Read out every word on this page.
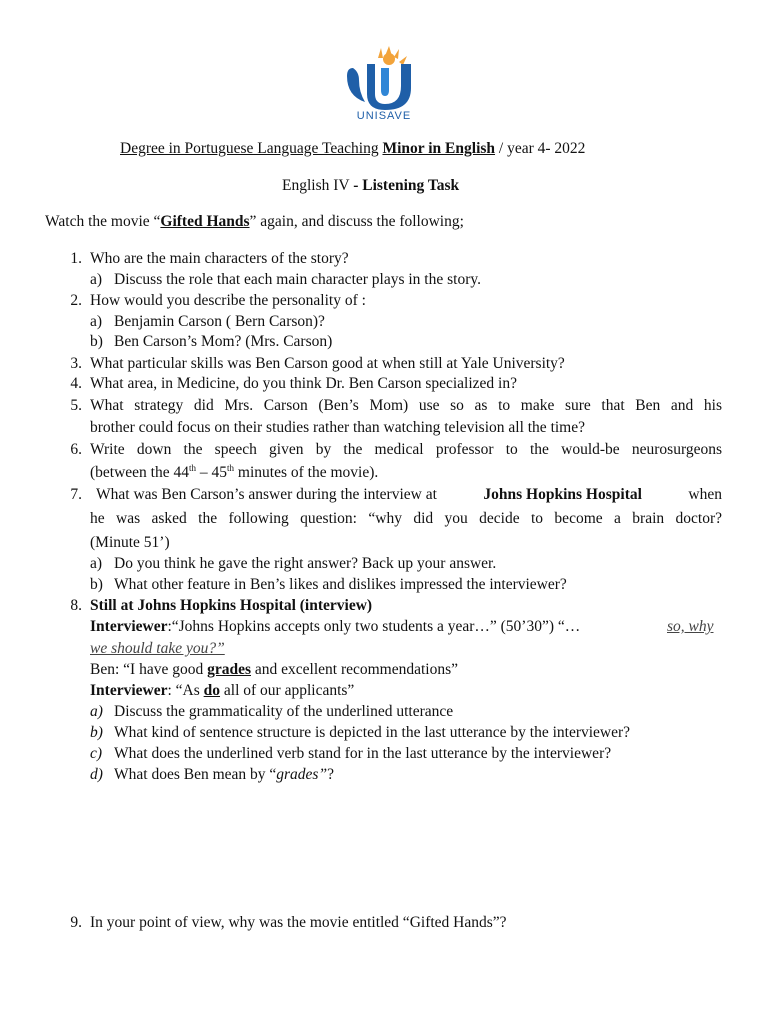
UNISAVE
Degree in Portuguese Language Teaching Minor in English / year 4- 2022
English IV - Listening Task
Watch the movie “Gifted Hands” again, and discuss the following;
1. Who are the main characters of the story?
a) Discuss the role that each main character plays in the story.
2. How would you describe the personality of :
a) Benjamin Carson ( Bern Carson)?
b) Ben Carson’s Mom? (Mrs. Carson)
3. What particular skills was Ben Carson good at when still at Yale University?
4. What area, in Medicine, do you think Dr. Ben Carson specialized in?
5. What strategy did Mrs. Carson (Ben’s Mom) use so as to make sure that Ben and his
brother could focus on their studies rather than watching television all the time?
6. Write down the speech given by the medical professor to the would-be neurosurgeons
(between the 44th – 45th minutes of the movie).
7. What was Ben Carson’s answer during the interview at	Johns Hopkins Hospital	when
he was asked the following question: “why did you decide to become a brain doctor?
(Minute 51’)
a) Do you think he gave the right answer? Back up your answer.
b) What other feature in Ben’s likes and dislikes impressed the interviewer?
8. Still at Johns Hopkins Hospital (interview)
Interviewer:“Johns Hopkins accepts only two students a year…” (50’30”) “…	so, why
we should take you?”
Ben: “I have good grades and excellent recommendations”
Interviewer: “As do all of our applicants”
a) Discuss the grammaticality of the underlined utterance
b) What kind of sentence structure is depicted in the last utterance by the interviewer?
c) What does the underlined verb stand for in the last utterance by the interviewer?
d) What does Ben mean by “grades”?
9. In your point of view, why was the movie entitled “Gifted Hands”?
